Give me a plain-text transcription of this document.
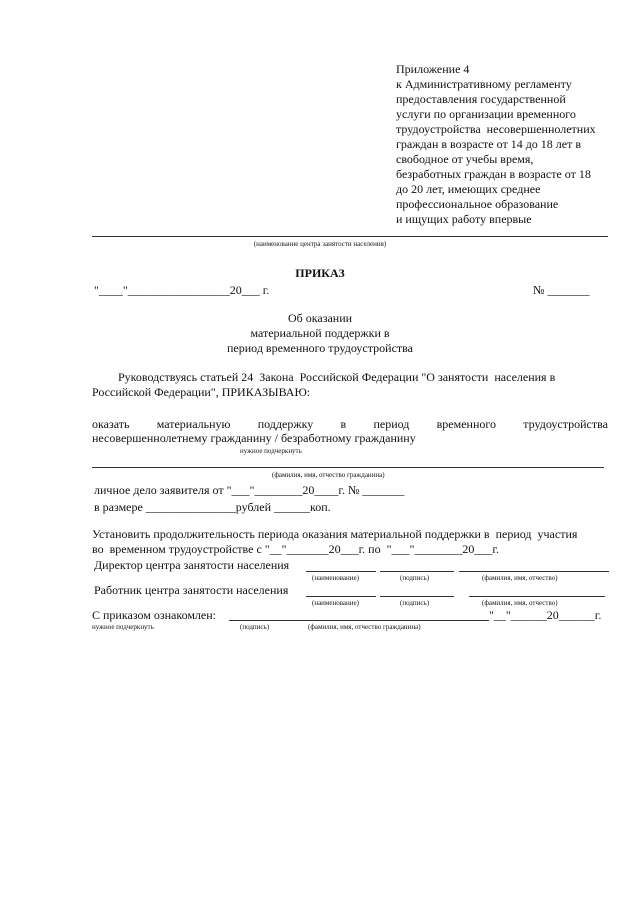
Приложение 4
к Административному регламенту
предоставления государственной
услуги по организации временного
трудоустройства  несовершеннолетних
граждан в возрасте от 14 до 18 лет в
свободное от учебы время,
безработных граждан в возрасте от 18
до 20 лет, имеющих среднее
профессиональное образование
и ищущих работу впервые
(наименование центра занятости населения)
ПРИКАЗ
"____"_________________20___ г.	№ _______
Об оказании
материальной поддержки в
период временного трудоустройства
Руководствуясь статьей 24  Закона  Российской Федерации "О занятости  населения в
Российской Федерации", ПРИКАЗЫВАЮ:
оказать материальную поддержку в период временного трудоустройства
несовершеннолетнему гражданину / безработному гражданину
нужное подчеркнуть
(фамилия, имя, отчество гражданина)
личное дело заявителя от "___"________20____г. № _______
в размере _______________рублей ______коп.
Установить продолжительность периода оказания материальной поддержки в  период  участия
во  временном трудоустройстве с "__"_______20___г. по  "___"________20___г.
Директор центра занятости населения
(наименование)	(подпись)	(фамилия, имя, отчество)
Работник центра занятости населения
(наименование)	(подпись)	(фамилия, имя, отчество)
С приказом ознакомлен:	"__"______20______г.
нужное подчеркнуть	(подпись)	(фамилия, имя, отчество гражданина)
